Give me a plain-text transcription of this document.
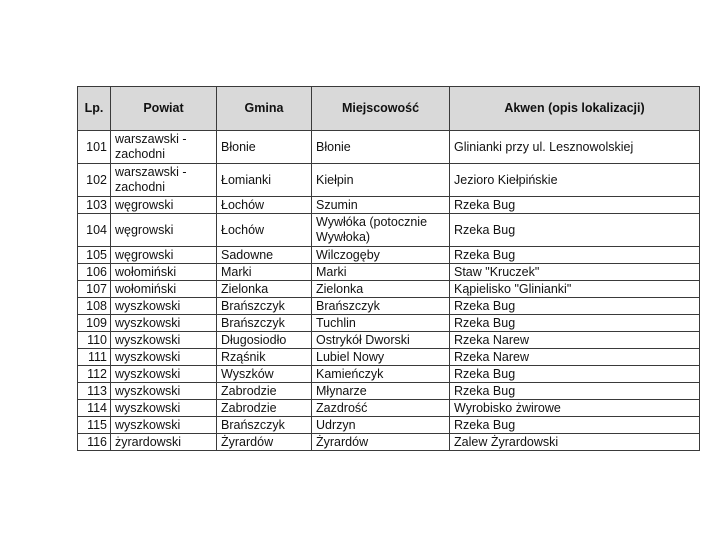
Lp.	Powiat	Gmina	Miejscowość	Akwen (opis lokalizacji)
101	warszawski - zachodni	Błonie	Błonie	Glinianki przy ul. Lesznowolskiej
102	warszawski - zachodni	Łomianki	Kiełpin	Jezioro Kiełpińskie
103	węgrowski	Łochów	Szumin	Rzeka Bug
104	węgrowski	Łochów	Wywłóka (potocznie Wywłoka)	Rzeka Bug
105	węgrowski	Sadowne	Wilczogęby	Rzeka Bug
106	wołomiński	Marki	Marki	Staw "Kruczek"
107	wołomiński	Zielonka	Zielonka	Kąpielisko "Glinianki"
108	wyszkowski	Brańszczyk	Brańszczyk	Rzeka Bug
109	wyszkowski	Brańszczyk	Tuchlin	Rzeka Bug
110	wyszkowski	Długosiodło	Ostrykół Dworski	Rzeka Narew
111	wyszkowski	Rząśnik	Lubiel Nowy	Rzeka Narew
112	wyszkowski	Wyszków	Kamieńczyk	Rzeka Bug
113	wyszkowski	Zabrodzie	Młynarze	Rzeka Bug
114	wyszkowski	Zabrodzie	Zazdrość	Wyrobisko żwirowe
115	wyszkowski	Brańszczyk	Udrzyn	Rzeka Bug
116	żyrardowski	Żyrardów	Żyrardów	Zalew Żyrardowski
